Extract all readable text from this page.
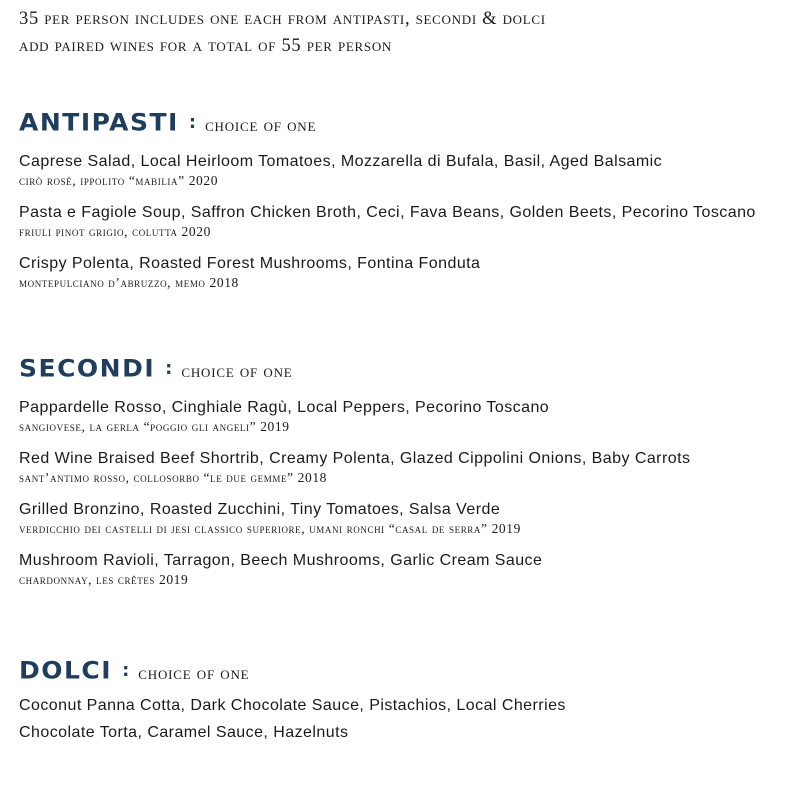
35 per person includes one each from antipasti, secondi & dolci
add paired wines for a total of 55 per person
ANTIPASTI : choice of one
Caprese Salad, Local Heirloom Tomatoes, Mozzarella di Bufala, Basil, Aged Balsamic
cirò rosé, ippolito “mabilia” 2020
Pasta e Fagiole Soup, Saffron Chicken Broth, Ceci, Fava Beans, Golden Beets, Pecorino Toscano
friuli pinot grigio, colutta 2020
Crispy Polenta, Roasted Forest Mushrooms, Fontina Fonduta
montepulciano d’abruzzo, memo 2018
SECONDI : choice of one
Pappardelle Rosso, Cinghiale Ragù, Local Peppers, Pecorino Toscano
sangiovese, la gerla “poggio gli angeli” 2019
Red Wine Braised Beef Shortrib, Creamy Polenta, Glazed Cippolini Onions, Baby Carrots
sant’antimo rosso, collosorbo “le due gemme” 2018
Grilled Bronzino, Roasted Zucchini, Tiny Tomatoes, Salsa Verde
verdicchio dei castelli di jesi classico superiore, umani ronchi “casal de serra” 2019
Mushroom Ravioli, Tarragon, Beech Mushrooms, Garlic Cream Sauce
chardonnay, les crêtes 2019
DOLCI : choice of one
Coconut Panna Cotta, Dark Chocolate Sauce, Pistachios, Local Cherries
Chocolate Torta, Caramel Sauce, Hazelnuts
